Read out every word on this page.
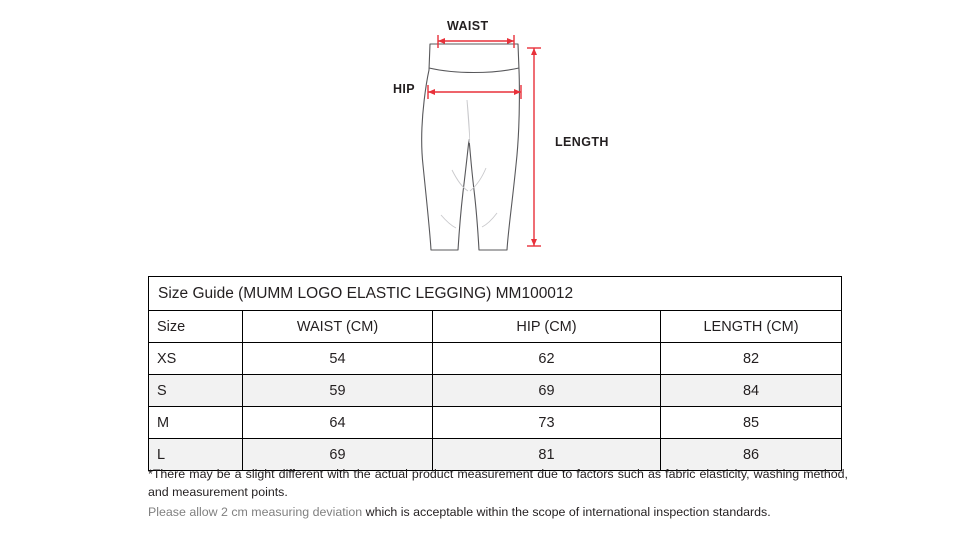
WAIST
HIP
LENGTH
Size Guide (MUMM LOGO ELASTIC LEGGING) MM100012			
Size	WAIST (CM)	HIP (CM)	LENGTH (CM)
XS	54	62	82
S	59	69	84
M	64	73	85
L	69	81	86

*There may be a slight different with the actual product measurement due to factors such as fabric elasticity, washing method, and measurement points.

Please allow 2 cm measuring deviation which is acceptable within the scope of international inspection standards.
